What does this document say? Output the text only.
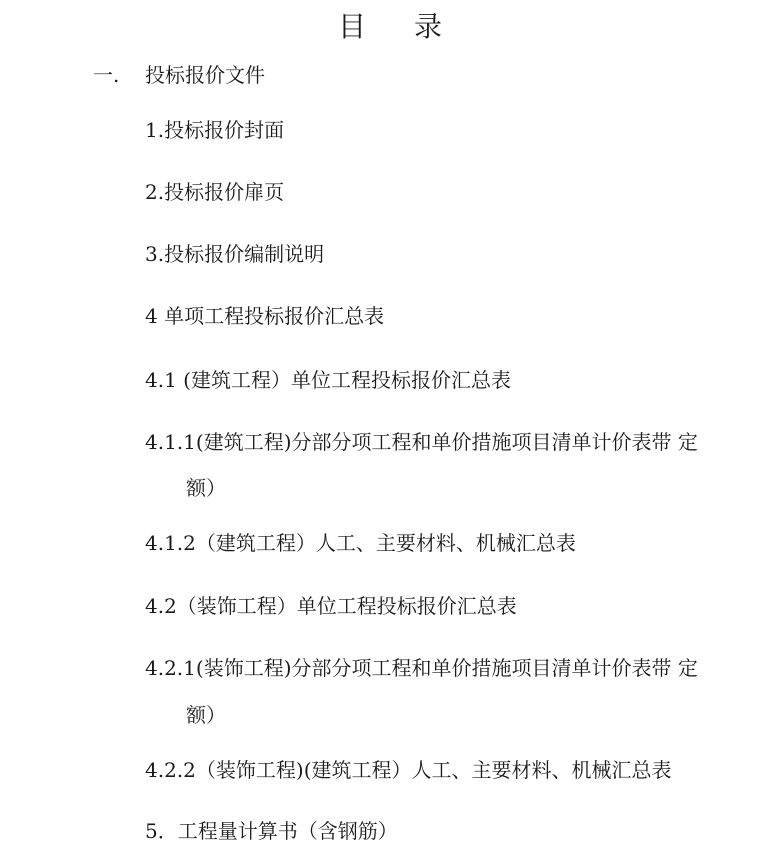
目 录
一. 投标报价文件
1.投标报价封面
2.投标报价扉页
3.投标报价编制说明
4 单项工程投标报价汇总表
4.1 (建筑工程）单位工程投标报价汇总表
4.1.1(建筑工程)分部分项工程和单价措施项目清单计价表带 定
额）
4.1.2（建筑工程）人工、主要材料、机械汇总表
4.2（装饰工程）单位工程投标报价汇总表
4.2.1(装饰工程)分部分项工程和单价措施项目清单计价表带 定
额）
4.2.2（装饰工程)(建筑工程）人工、主要材料、机械汇总表
5．工程量计算书（含钢筋）
